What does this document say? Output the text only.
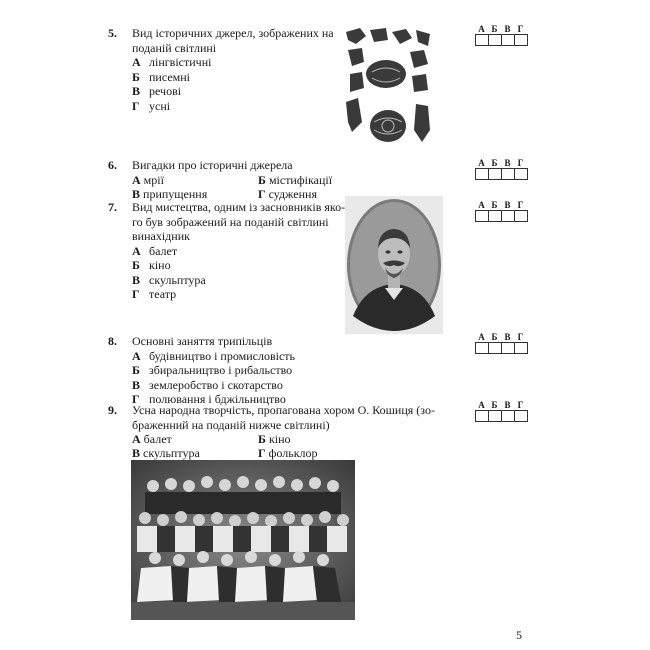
5. Вид історичних джерел, зображених на
поданій світлині
А лінгвістичні
Б писемні
В речові
Г усні
А Б В Г
6. Вигадки про історичні джерела
А мрії	Б містифікації
В припущення	Г судження
А Б В Г
7. Вид мистецтва, одним із засновників яко-
го був зображений на поданій світлині
винахідник
А балет
Б кіно
В скульптура
Г театр
А Б В Г
8. Основні заняття трипільців
А будівництво і промисловість
Б збиральництво і рибальство
В землеробство і скотарство
Г полювання і бджільництво
А Б В Г
9. Усна народна творчість, пропагована хором О. Кошиця (зо-
браженний на поданій нижче світлині)
А балет	Б кіно
В скульптура	Г фольклор
А Б В Г
5
